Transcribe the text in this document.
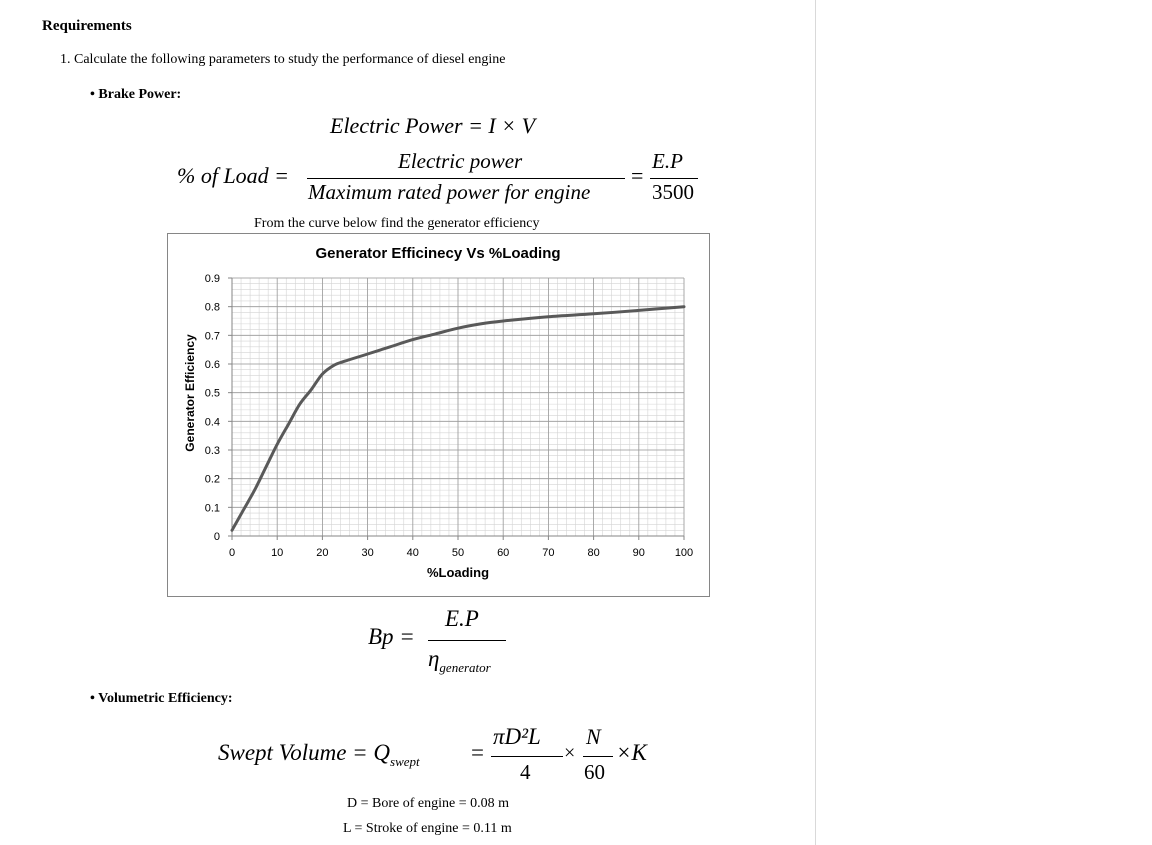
Requirements
1. Calculate the following parameters to study the performance of diesel engine
• Brake Power:
Electric Power = I × V
% of Load =
Electric power
Maximum rated power for engine
=
E.P
3500
From the curve below find the generator efficiency
Generator Efficinecy Vs %Loading
0
0.1
0.2
0.3
0.4
0.5
0.6
0.7
0.8
0.9
0	10	20	30	40	50	60	70	80	90	100
%Loading
Generator Efficiency
Bp =
E.P
$\eta_{generator}$
• Volumetric Efficiency:
Swept Volume = $Q_{swept}$ =
πD²L
4
×
N
60
×K
D = Bore of engine = 0.08 m
L = Stroke of engine = 0.11 m
